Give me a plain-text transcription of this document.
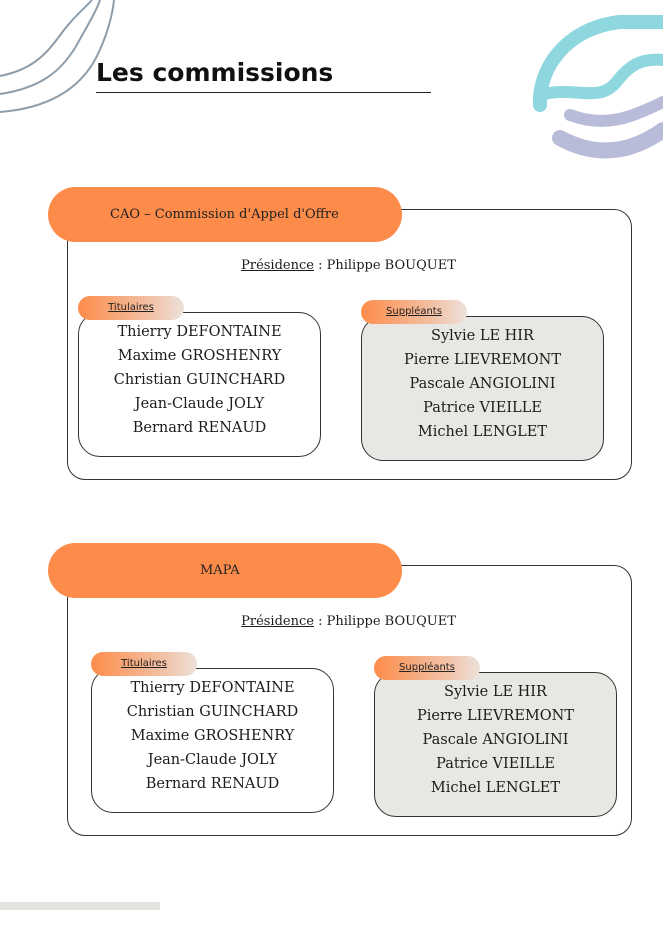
Les commissions
CAO – Commission d'Appel d'Offre
Présidence : Philippe BOUQUET
Thierry DEFONTAINE
Maxime GROSHENRY
Christian GUINCHARD
Jean-Claude JOLY
Bernard RENAUD
Titulaires
Sylvie LE HIR
Pierre LIEVREMONT
Pascale ANGIOLINI
Patrice VIEILLE
Michel LENGLET
Suppléants
MAPA
Présidence : Philippe BOUQUET
Thierry DEFONTAINE
Christian GUINCHARD
Maxime GROSHENRY
Jean-Claude JOLY
Bernard RENAUD
Titulaires
Sylvie LE HIR
Pierre LIEVREMONT
Pascale ANGIOLINI
Patrice VIEILLE
Michel LENGLET
Suppléants
